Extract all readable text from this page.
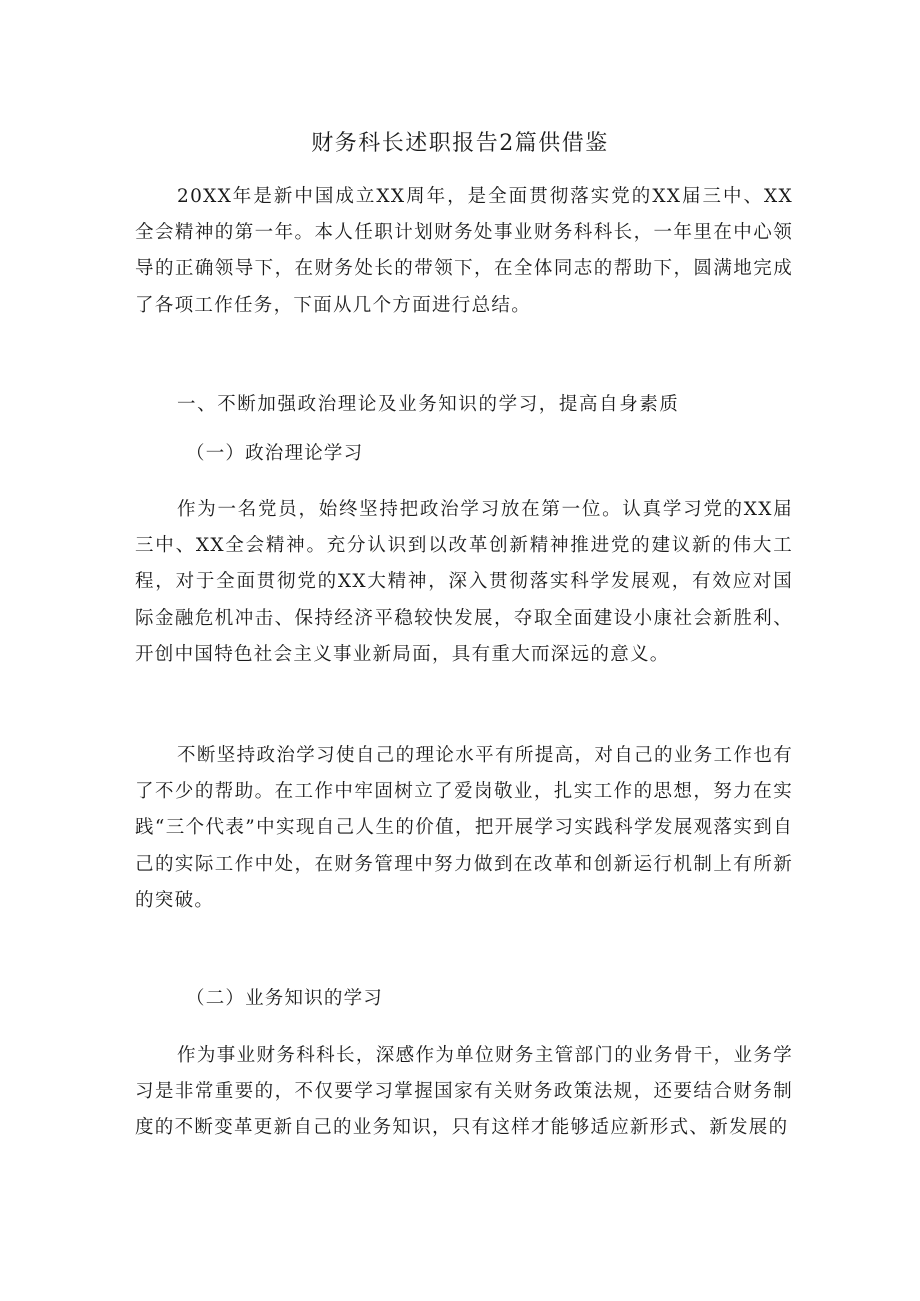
财务科长述职报告2篇供借鉴

20XX年是新中国成立XX周年，是全面贯彻落实党的XX届三中、XX全会精神的第一年。本人任职计划财务处事业财务科科长，一年里在中心领导的正确领导下，在财务处长的带领下，在全体同志的帮助下，圆满地完成了各项工作任务，下面从几个方面进行总结。

一、不断加强政治理论及业务知识的学习，提高自身素质

（一）政治理论学习

作为一名党员，始终坚持把政治学习放在第一位。认真学习党的XX届三中、XX全会精神。充分认识到以改革创新精神推进党的建议新的伟大工程，对于全面贯彻党的XX大精神，深入贯彻落实科学发展观，有效应对国际金融危机冲击、保持经济平稳较快发展，夺取全面建设小康社会新胜利、开创中国特色社会主义事业新局面，具有重大而深远的意义。

不断坚持政治学习使自己的理论水平有所提高，对自己的业务工作也有了不少的帮助。在工作中牢固树立了爱岗敬业，扎实工作的思想，努力在实践“三个代表”中实现自己人生的价值，把开展学习实践科学发展观落实到自己的实际工作中处，在财务管理中努力做到在改革和创新运行机制上有所新的突破。

（二）业务知识的学习

作为事业财务科科长，深感作为单位财务主管部门的业务骨干，业务学习是非常重要的，不仅要学习掌握国家有关财务政策法规，还要结合财务制度的不断变革更新自己的业务知识，只有这样才能够适应新形式、新发展的
